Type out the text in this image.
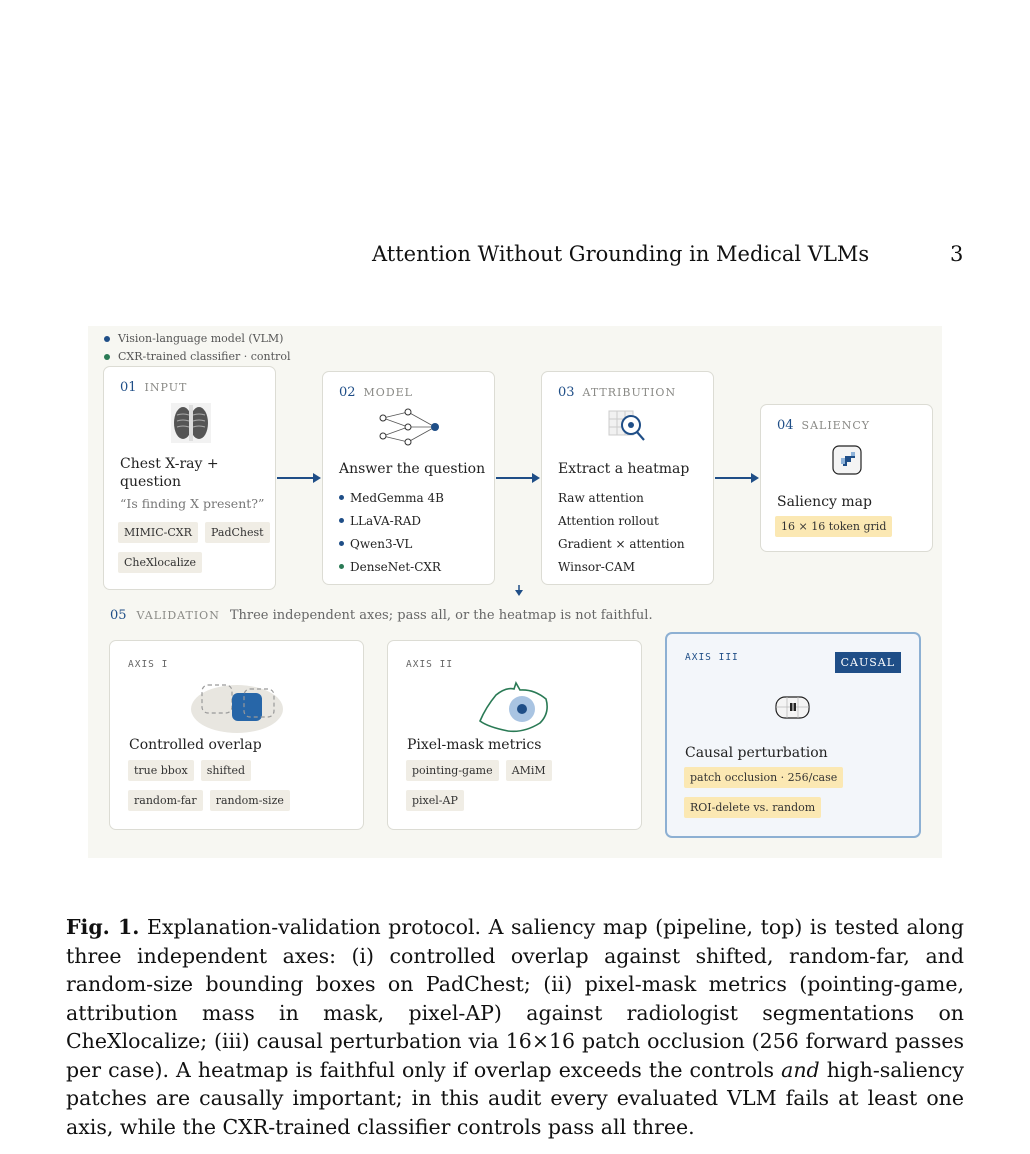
Attention Without Grounding in Medical VLMs	3
Vision-language model (VLM)
CXR-trained classifier · control
01 INPUT
Chest X-ray + question
“Is finding X present?”
MIMIC-CXR PadChest CheXlocalize
02 MODEL
Answer the question
MedGemma 4B
LLaVA-RAD
Qwen3-VL
DenseNet-CXR
03 ATTRIBUTION
Extract a heatmap
Raw attention
Attention rollout
Gradient × attention
Winsor-CAM
04 SALIENCY
Saliency map
16 × 16 token grid
05 VALIDATION Three independent axes; pass all, or the heatmap is not faithful.
AXIS I
Controlled overlap
true bbox shifted
random-far random-size
AXIS II
Pixel-mask metrics
pointing-game AMiM
pixel-AP
AXIS III	CAUSAL
Causal perturbation
patch occlusion · 256/case
ROI-delete vs. random
Fig. 1. Explanation-validation protocol. A saliency map (pipeline, top) is tested along three independent axes: (i) controlled overlap against shifted, random-far, and random-size bounding boxes on PadChest; (ii) pixel-mask metrics (pointing-game, attribution mass in mask, pixel-AP) against radiologist segmentations on CheXlocalize; (iii) causal perturbation via 16×16 patch occlusion (256 forward passes per case). A heatmap is faithful only if overlap exceeds the controls and high-saliency patches are causally important; in this audit every evaluated VLM fails at least one axis, while the CXR-trained classifier controls pass all three.
